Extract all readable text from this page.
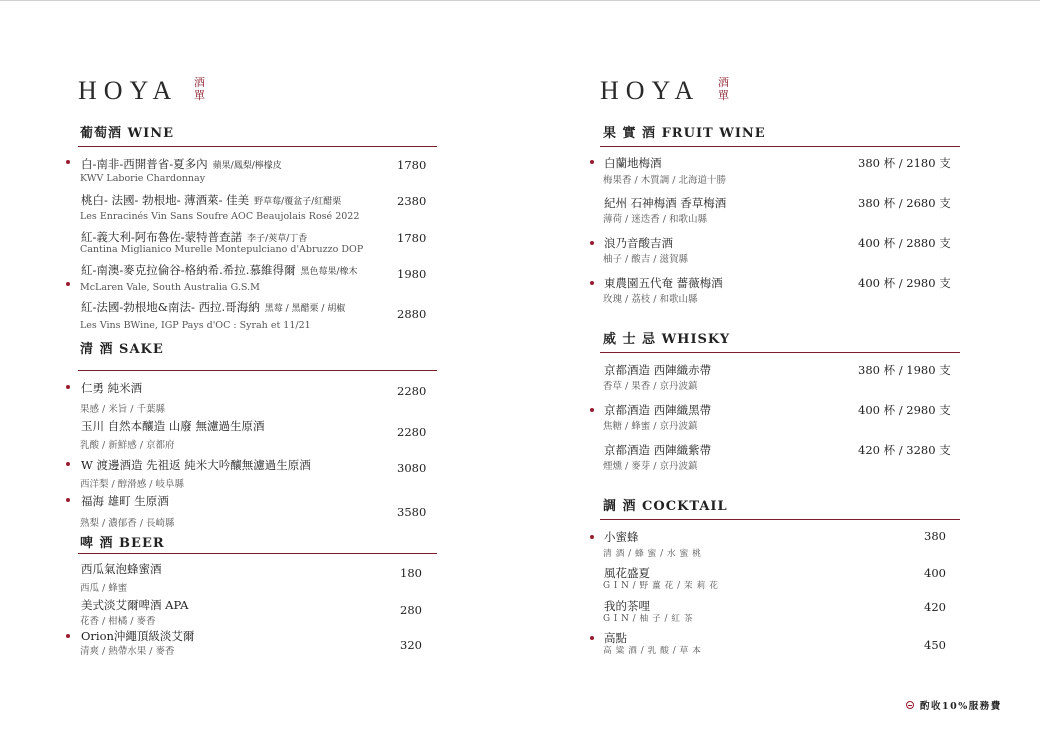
HOYA 酒單
葡萄酒 WINE
白-南非-西開普省-夏多內 蘋果/鳳梨/檸檬皮
KWV Laborie Chardonnay
1780
桃白- 法國- 勃根地- 薄酒萊- 佳美 野草莓/覆盆子/紅醋栗
Les Enracinés Vin Sans Soufre AOC Beaujolais Rosé 2022
2380
紅-義大利-阿布魯佐-蒙特普查諾 李子/莢草/丁香
Cantina Miglianico Murelle Montepulciano d'Abruzzo DOP
1780
紅-南澳-麥克拉倫谷-格納希.希拉.慕維得爾 黑色莓果/橡木
McLaren Vale, South Australia G.S.M
1980
紅-法國-勃根地&南法- 西拉.哥海納 黑莓 / 黑醋栗 / 胡椒
Les Vins BWine, IGP Pays d'OC : Syrah et 11/21
2880
清 酒 SAKE
仁勇 純米酒
果感 / 米旨 / 千葉縣
2280
玉川 自然本釀造 山廢 無濾過生原酒
乳酸 / 新鮮感 / 京都府
2280
W 渡邊酒造 先祖返 純米大吟釀無濾過生原酒
西洋梨 / 醇滑感 / 岐阜縣
3080
福海 雄町 生原酒
熟梨 / 濃郁香 / 長崎縣
3580
啤 酒 BEER
西瓜氣泡蜂蜜酒
西瓜 / 蜂蜜
180
美式淡艾爾啤酒 APA
花香 / 柑橘 / 麥香
280
Orion沖繩頂級淡艾爾
清爽 / 熱帶水果 / 麥香	320
HOYA 酒單
果 實 酒 FRUIT WINE
白蘭地梅酒
梅果香 / 木質調 / 北海道十勝
380 杯 / 2180 支
紀州 石神梅酒 香草梅酒
薄荷 / 迷迭香 / 和歌山縣
380 杯 / 2680 支
浪乃音酸吉酒
柚子 / 酸吉 / 滋賀縣
400 杯 / 2880 支
東農園五代奄 薔薇梅酒
玫瑰 / 荔枝 / 和歌山縣
400 杯 / 2980 支
威 士 忌 WHISKY
京都酒造 西陣織赤帶
香草 / 果香 / 京丹波鎮
380 杯 / 1980 支
京都酒造 西陣織黑帶
焦糖 / 蜂蜜 / 京丹波鎮
400 杯 / 2980 支
京都酒造 西陣織紫帶
煙燻 / 麥芽 / 京丹波鎮
420 杯 / 3280 支
調 酒 COCKTAIL
小蜜蜂
清 酒 / 蜂 蜜 / 水 蜜 桃
380
風花盛夏
G I N / 野 薑 花 / 茉 莉 花
400
我的茶哩
G I N / 柚 子 / 紅 茶
420
高點
高 粱 酒 / 乳 酸 / 草 本	450
酌收10%服務費
